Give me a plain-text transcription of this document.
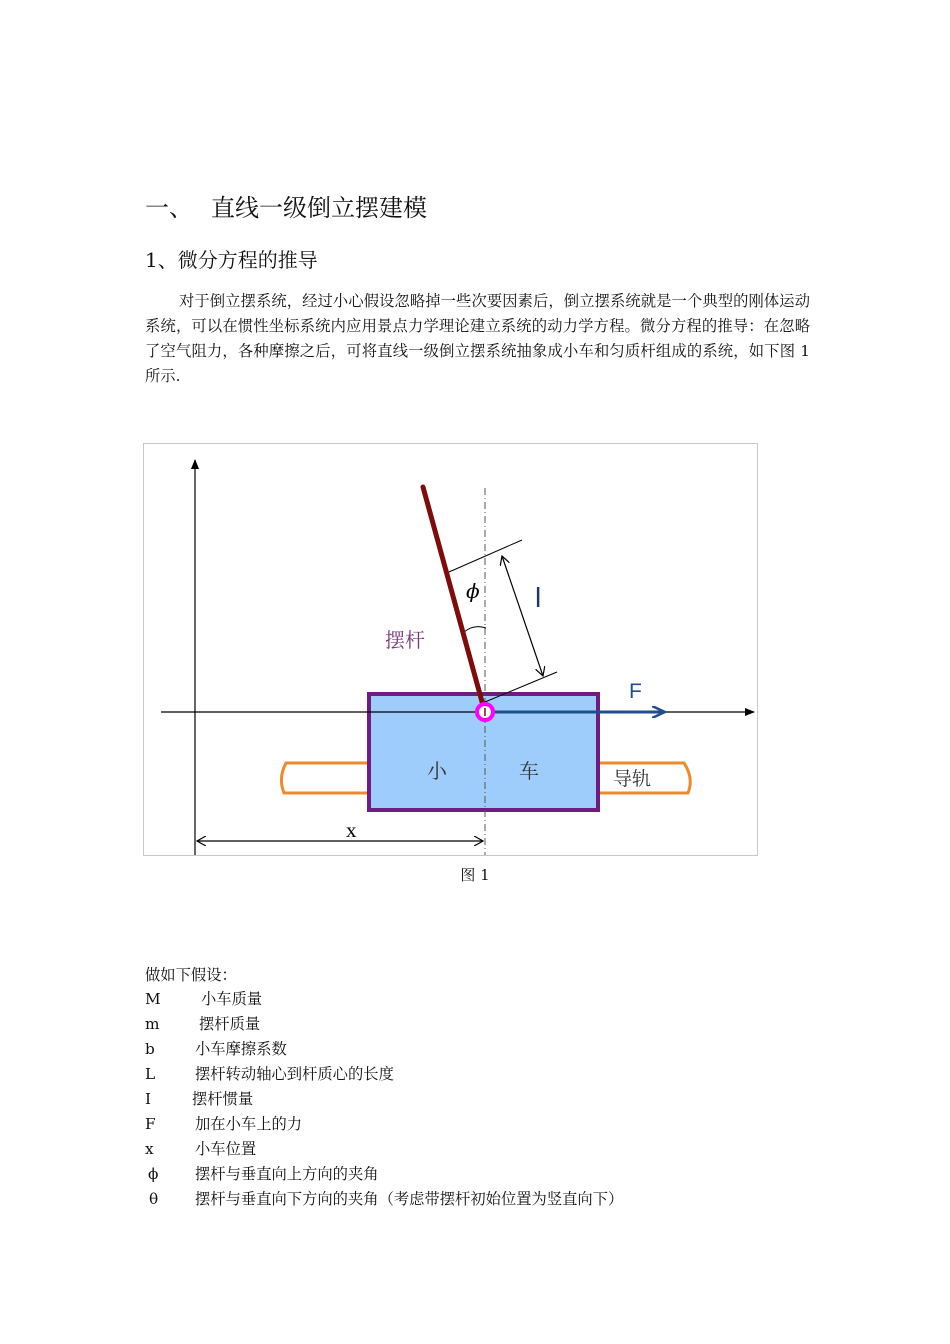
一、 直线一级倒立摆建模
1、微分方程的推导

对于倒立摆系统，经过小心假设忽略掉一些次要因素后，倒立摆系统就是一个典型的刚体运动系统，可以在惯性坐标系统内应用景点力学理论建立系统的动力学方程。微分方程的推导：在忽略了空气阻力，各种摩擦之后，可将直线一级倒立摆系统抽象成小车和匀质杆组成的系统，如下图 1 所示.

ϕ l
摆杆
F
小	车	导轨
x
图 1
做如下假设：
M	小车质量
m	摆杆质量
b	小车摩擦系数
L	摆杆转动轴心到杆质心的长度
I	摆杆惯量
F	加在小车上的力
x	小车位置
ϕ	摆杆与垂直向上方向的夹角
θ	摆杆与垂直向下方向的夹角（考虑带摆杆初始位置为竖直向下）
